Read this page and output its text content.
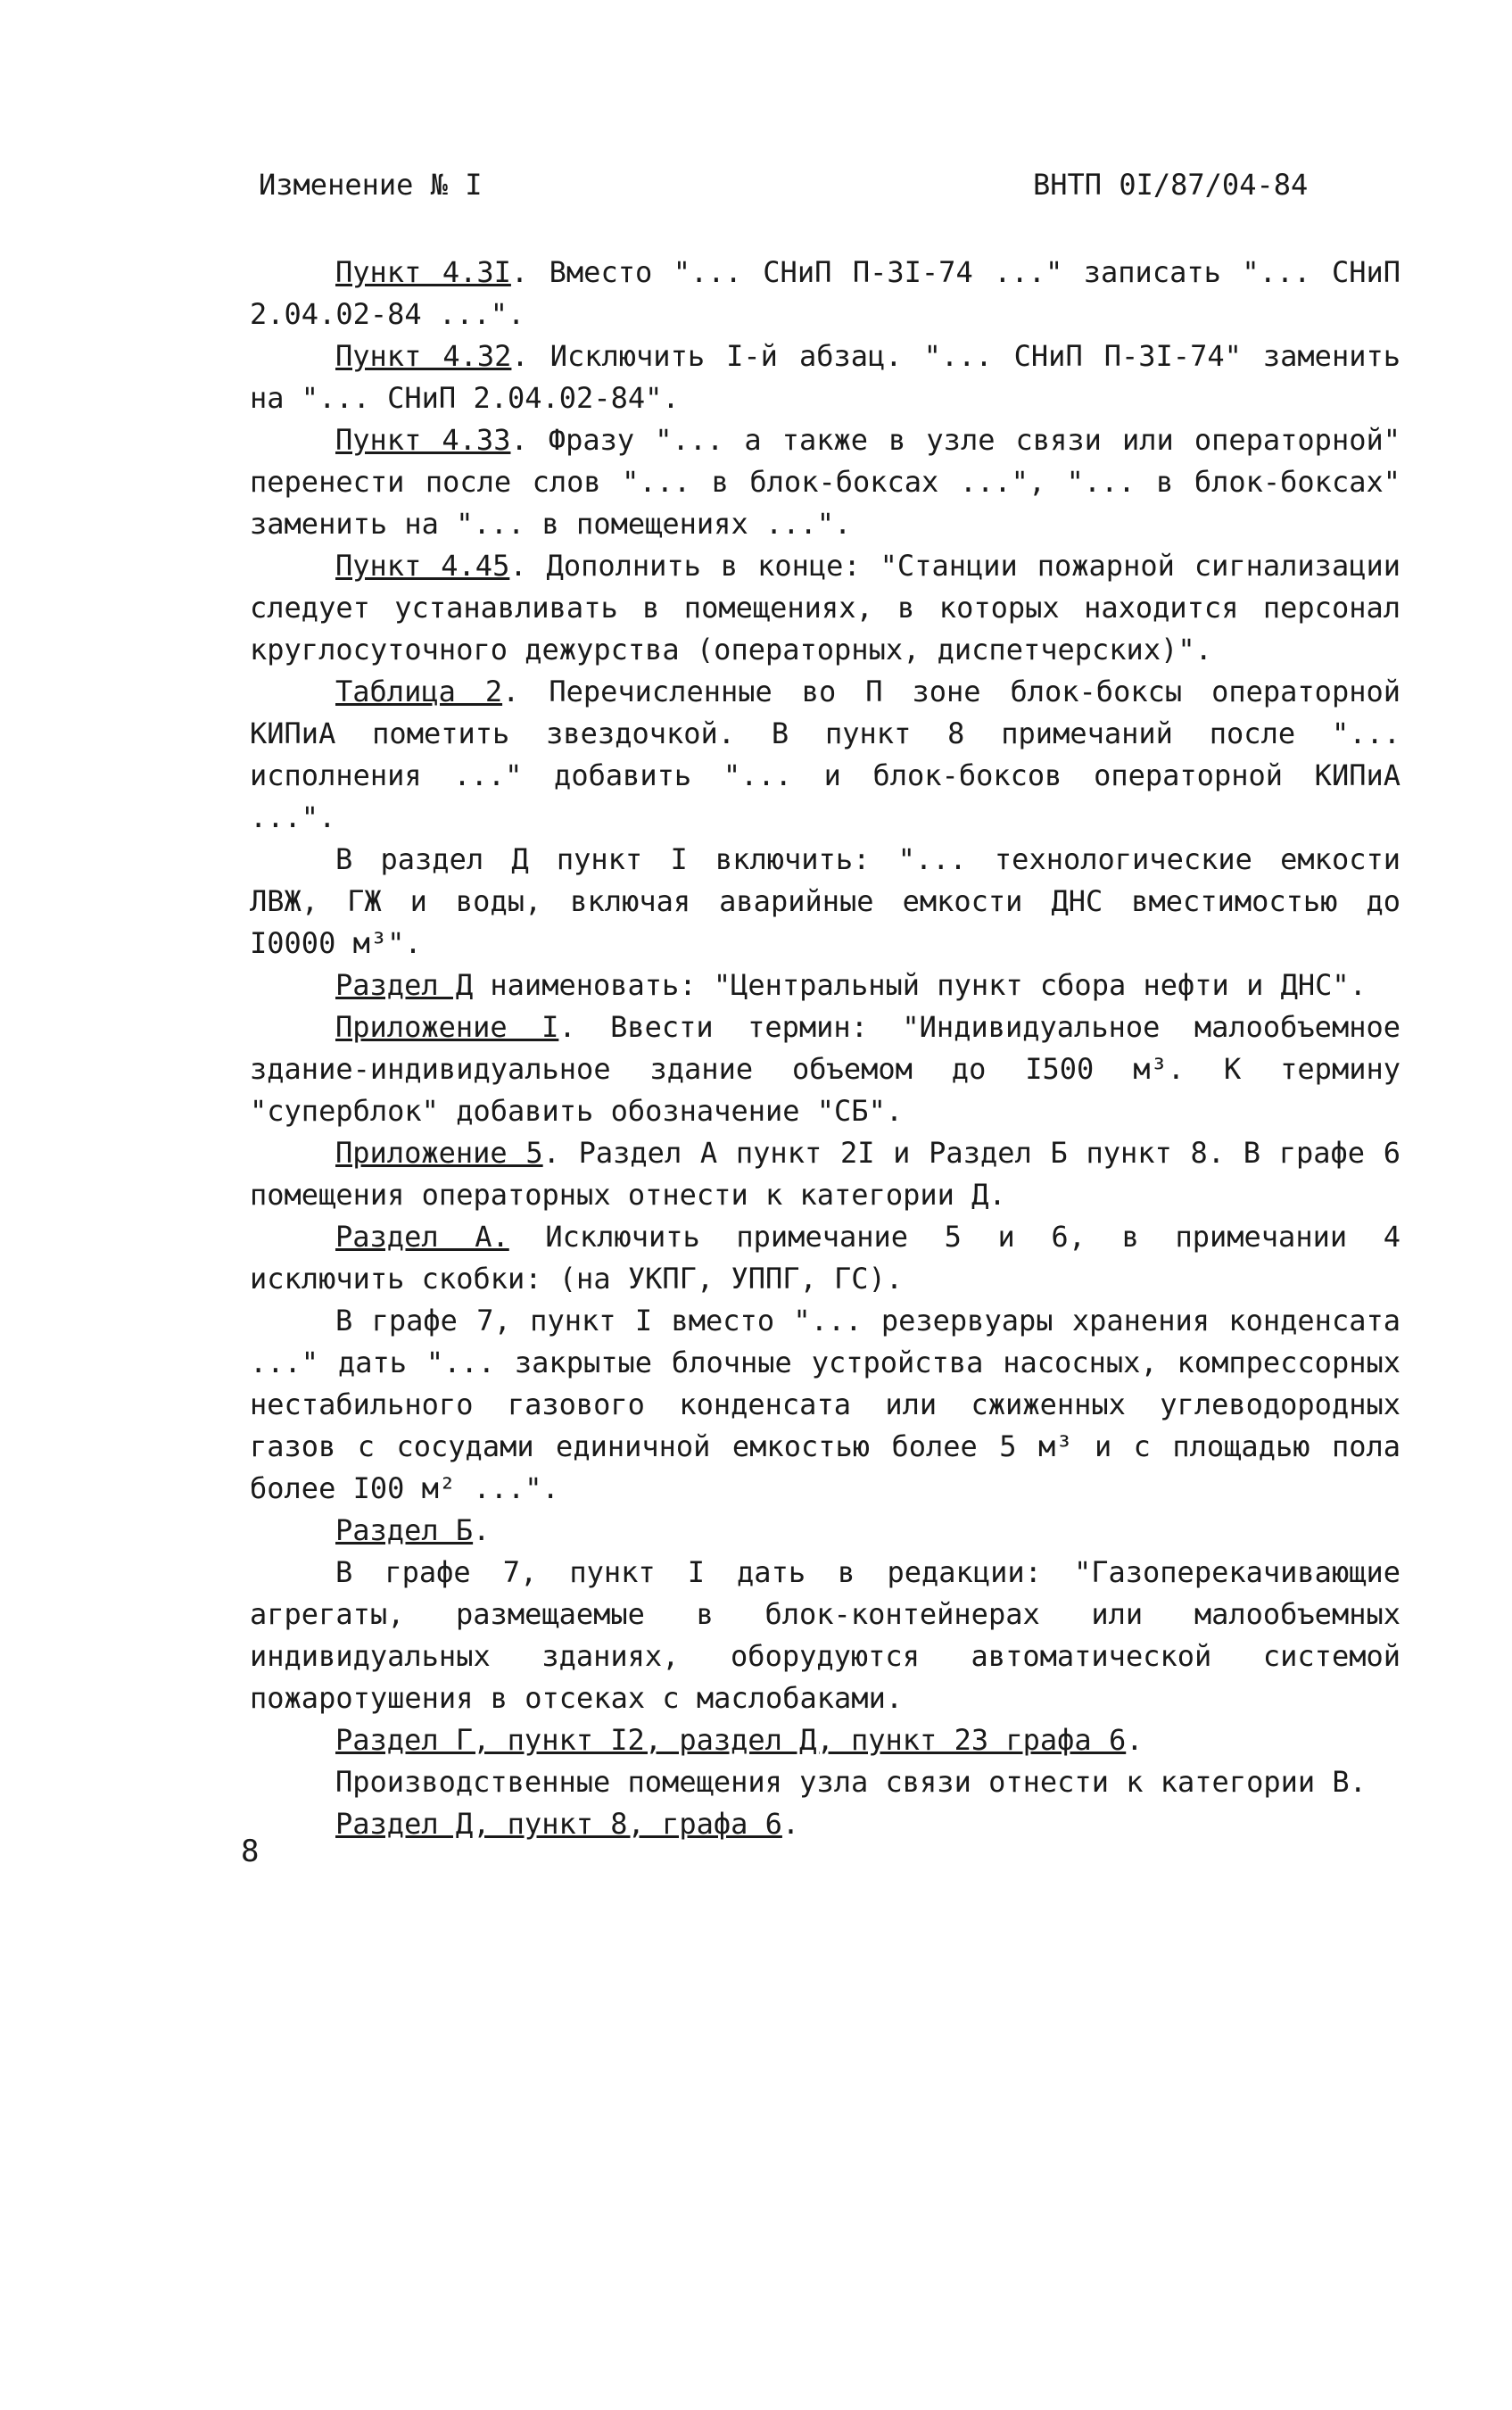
Изменение № I	ВНТП 0I/87/04-84

Пункт 4.3I. Вместо "... СНиП П-3I-74 ..." записать "... СНиП 2.04.02-84 ...".

Пункт 4.32. Исключить I-й абзац. "... СНиП П-3I-74" заменить на "... СНиП 2.04.02-84".

Пункт 4.33. Фразу "... а также в узле связи или операторной" перенести после слов "... в блок-боксах ...", "... в блок-боксах" заменить на "... в помещениях ...".

Пункт 4.45. Дополнить в конце: "Станции пожарной сигнализации следует устанавливать в помещениях, в которых находится персонал круглосуточного дежурства (операторных, диспетчерских)".

Таблица 2. Перечисленные во П зоне блок-боксы операторной КИПиА пометить звездочкой. В пункт 8 примечаний после "... исполнения ..." добавить "... и блок-боксов операторной КИПиА ...".

В раздел Д пункт I включить: "... технологические емкости ЛВЖ, ГЖ и воды, включая аварийные емкости ДНС вместимостью до I0000 м³".

Раздел Д наименовать: "Центральный пункт сбора нефти и ДНС".

Приложение I. Ввести термин: "Индивидуальное малообъемное здание-индивидуальное здание объемом до I500 м³. К термину "суперблок" добавить обозначение "СБ".

Приложение 5. Раздел А пункт 2I и Раздел Б пункт 8. В графе 6 помещения операторных отнести к категории Д.

Раздел А. Исключить примечание 5 и 6, в примечании 4 исключить скобки: (на УКПГ, УППГ, ГС).

В графе 7, пункт I вместо "... резервуары хранения конденсата ..." дать "... закрытые блочные устройства насосных, компрессорных нестабильного газового конденсата или сжиженных углеводородных газов с сосудами единичной емкостью более 5 м³ и с площадью пола более I00 м² ...".

Раздел Б.

В графе 7, пункт I дать в редакции: "Газоперекачивающие агрегаты, размещаемые в блок-контейнерах или малообъемных индивидуальных зданиях, оборудуются автоматической системой пожаротушения в отсеках с маслобаками.

Раздел Г, пункт I2, раздел Д, пункт 23 графа 6.

Производственные помещения узла связи отнести к категории В.

Раздел Д, пункт 8, графа 6.

8
